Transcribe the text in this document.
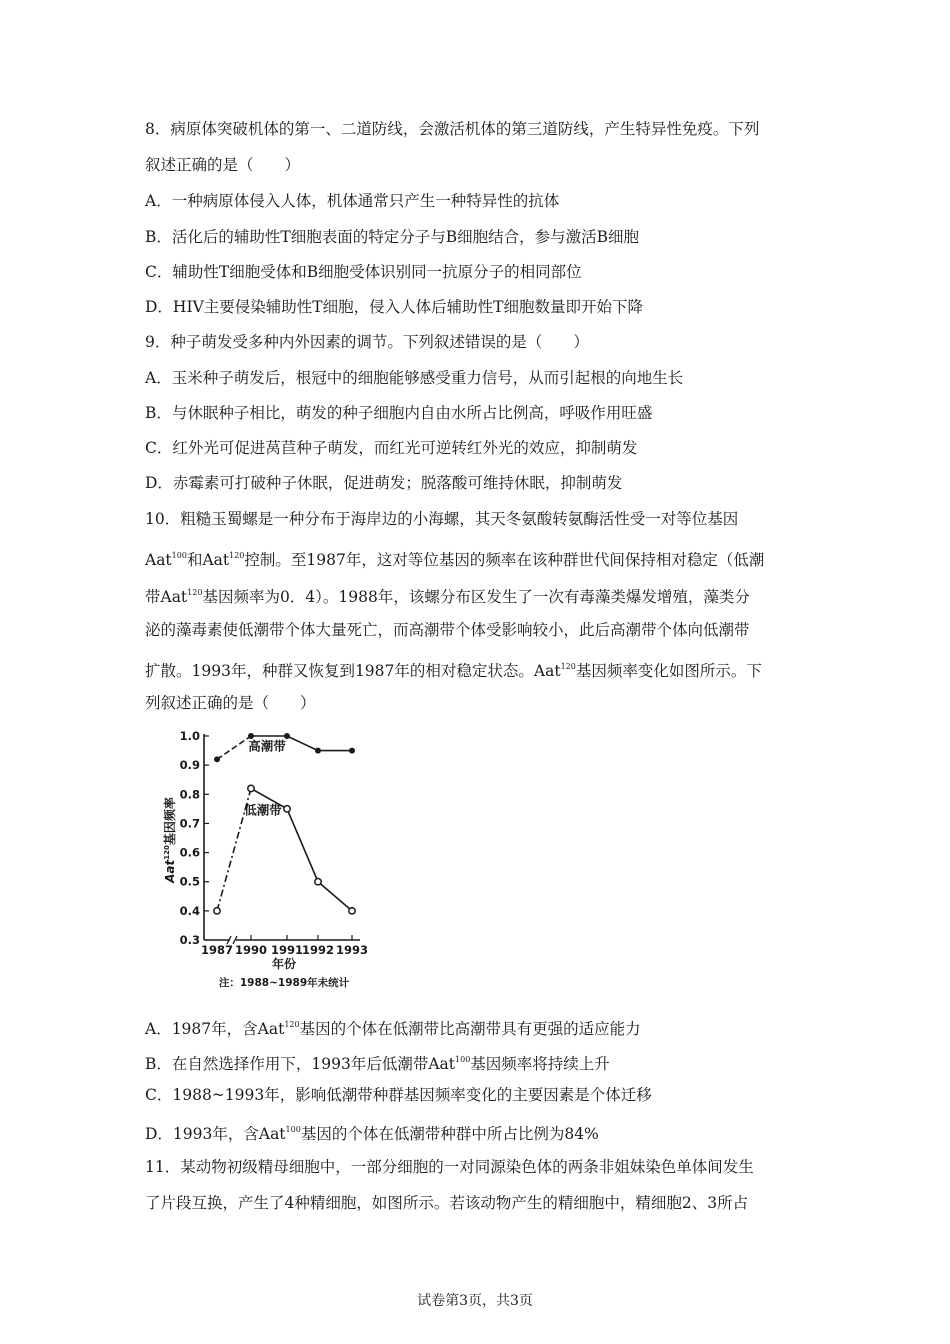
8．病原体突破机体的第一、二道防线，会激活机体的第三道防线，产生特异性免疫。下列
叙述正确的是（　　）
A．一种病原体侵入人体，机体通常只产生一种特异性的抗体
B．活化后的辅助性T细胞表面的特定分子与B细胞结合，参与激活B细胞
C．辅助性T细胞受体和B细胞受体识别同一抗原分子的相同部位
D．HIV主要侵染辅助性T细胞，侵入人体后辅助性T细胞数量即开始下降
9．种子萌发受多种内外因素的调节。下列叙述错误的是（　　）
A．玉米种子萌发后，根冠中的细胞能够感受重力信号，从而引起根的向地生长
B．与休眠种子相比，萌发的种子细胞内自由水所占比例高，呼吸作用旺盛
C．红外光可促进莴苣种子萌发，而红光可逆转红外光的效应，抑制萌发
D．赤霉素可打破种子休眠，促进萌发；脱落酸可维持休眠，抑制萌发
10．粗糙玉蜀螺是一种分布于海岸边的小海螺，其天冬氨酸转氨酶活性受一对等位基因
Aat$^{100}$和Aat$^{120}$控制。至1987年，这对等位基因的频率在该种群世代间保持相对稳定（低潮
带Aat$^{120}$基因频率为0．4）。1988年，该螺分布区发生了一次有毒藻类爆发增殖，藻类分
泌的藻毒素使低潮带个体大量死亡，而高潮带个体受影响较小，此后高潮带个体向低潮带
扩散。1993年，种群又恢复到1987年的相对稳定状态。Aat$^{120}$基因频率变化如图所示。下
列叙述正确的是（　　）
0.3
0.4
0.5
0.6
0.7
0.8
0.9
1.0
1987 1990 1991
1992 1993
高潮带
低潮带
Aat$^{120}$基因频率
年份
注：1988~1989年未统计
A．1987年，含Aat$^{120}$基因的个体在低潮带比高潮带具有更强的适应能力
B．在自然选择作用下，1993年后低潮带Aat$^{100}$基因频率将持续上升
C．1988~1993年，影响低潮带种群基因频率变化的主要因素是个体迁移
D．1993年，含Aat$^{100}$基因的个体在低潮带种群中所占比例为84%
11．某动物初级精母细胞中，一部分细胞的一对同源染色体的两条非姐妹染色单体间发生
了片段互换，产生了4种精细胞，如图所示。若该动物产生的精细胞中，精细胞2、3所占
试卷第3页，共3页
